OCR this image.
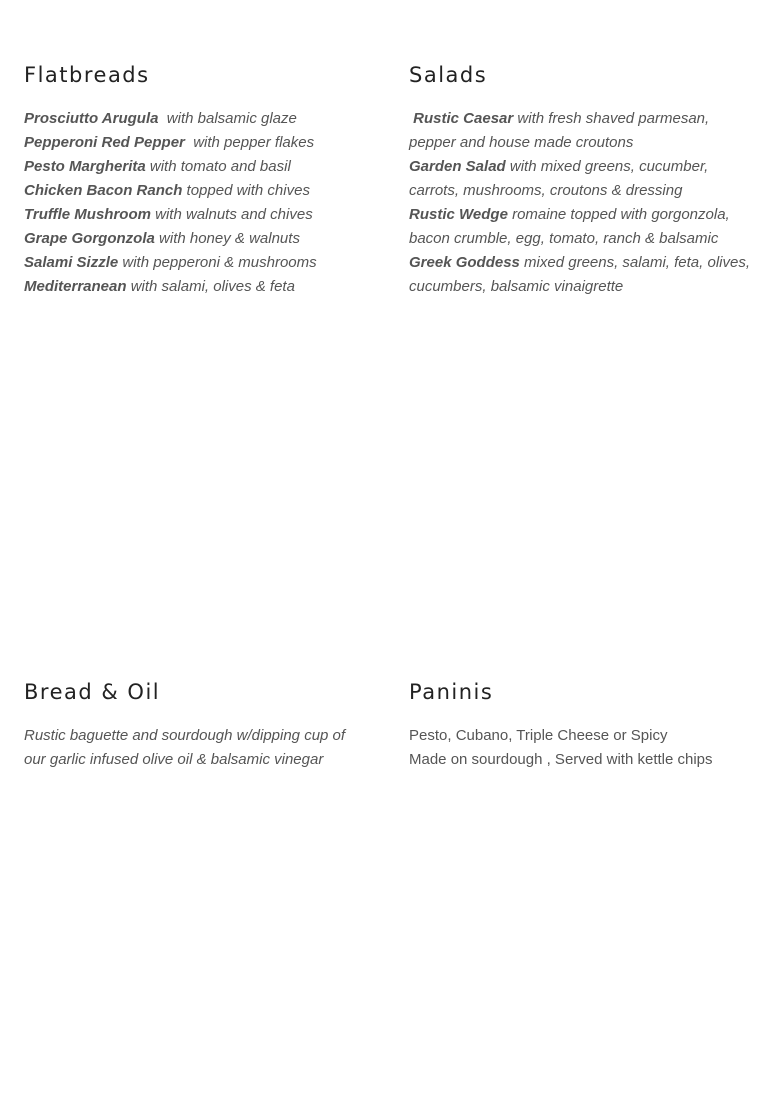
Flatbreads
Prosciutto Arugula  with balsamic glaze
Pepperoni Red Pepper  with pepper flakes
Pesto Margherita with tomato and basil
Chicken Bacon Ranch topped with chives
Truffle Mushroom with walnuts and chives
Grape Gorgonzola with honey & walnuts
Salami Sizzle with pepperoni & mushrooms
Mediterranean with salami, olives & feta
Salads
Rustic Caesar with fresh shaved parmesan, pepper and house made croutons
Garden Salad with mixed greens, cucumber, carrots, mushrooms, croutons & dressing
Rustic Wedge romaine topped with gorgonzola, bacon crumble, egg, tomato, ranch & balsamic Greek Goddess mixed greens, salami, feta, olives, cucumbers, balsamic vinaigrette
Bread & Oil
Rustic baguette and sourdough w/dipping cup of our garlic infused olive oil & balsamic vinegar
Paninis
Pesto, Cubano, Triple Cheese or Spicy
Made on sourdough , Served with kettle chips
